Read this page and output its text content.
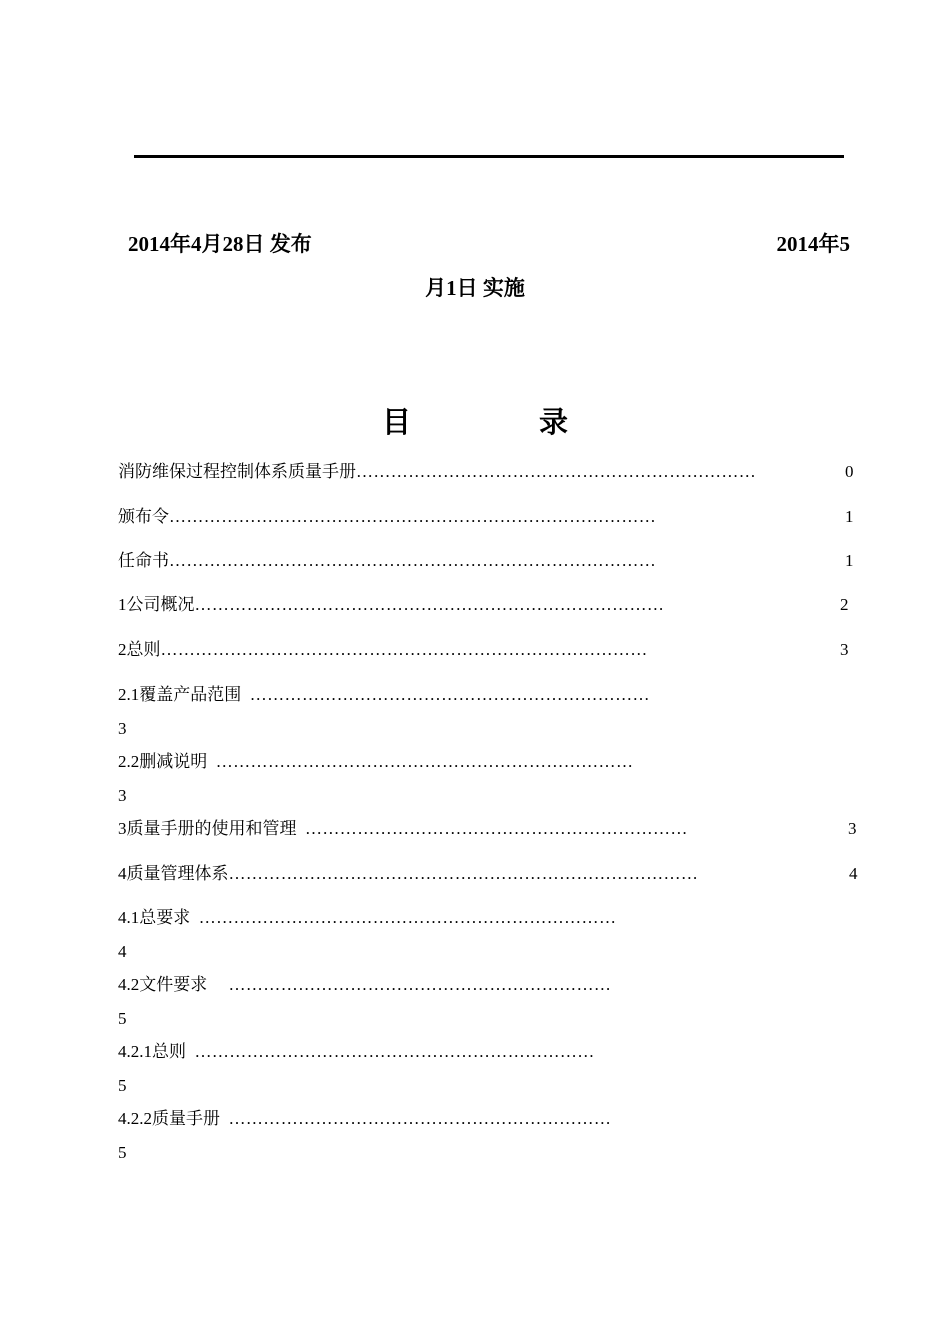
2014年4月28日 发布	2014年5
月1日 实施
目	录
消防维保过程控制体系质量手册……………………………………………………………	0
颁布令…………………………………………………………………………	1
任命书…………………………………………………………………………	1
1公司概况………………………………………………………………………	2
2总则…………………………………………………………………………	3
2.1覆盖产品范围 ……………………………………………………………
3
2.2删减说明 ………………………………………………………………
3
3质量手册的使用和管理 …………………………………………………………	3
4质量管理体系………………………………………………………………………	4
4.1总要求 ………………………………………………………………
4
4.2文件要求 …………………………………………………………
5
4.2.1总则 ……………………………………………………………
5
4.2.2质量手册 …………………………………………………………
5
